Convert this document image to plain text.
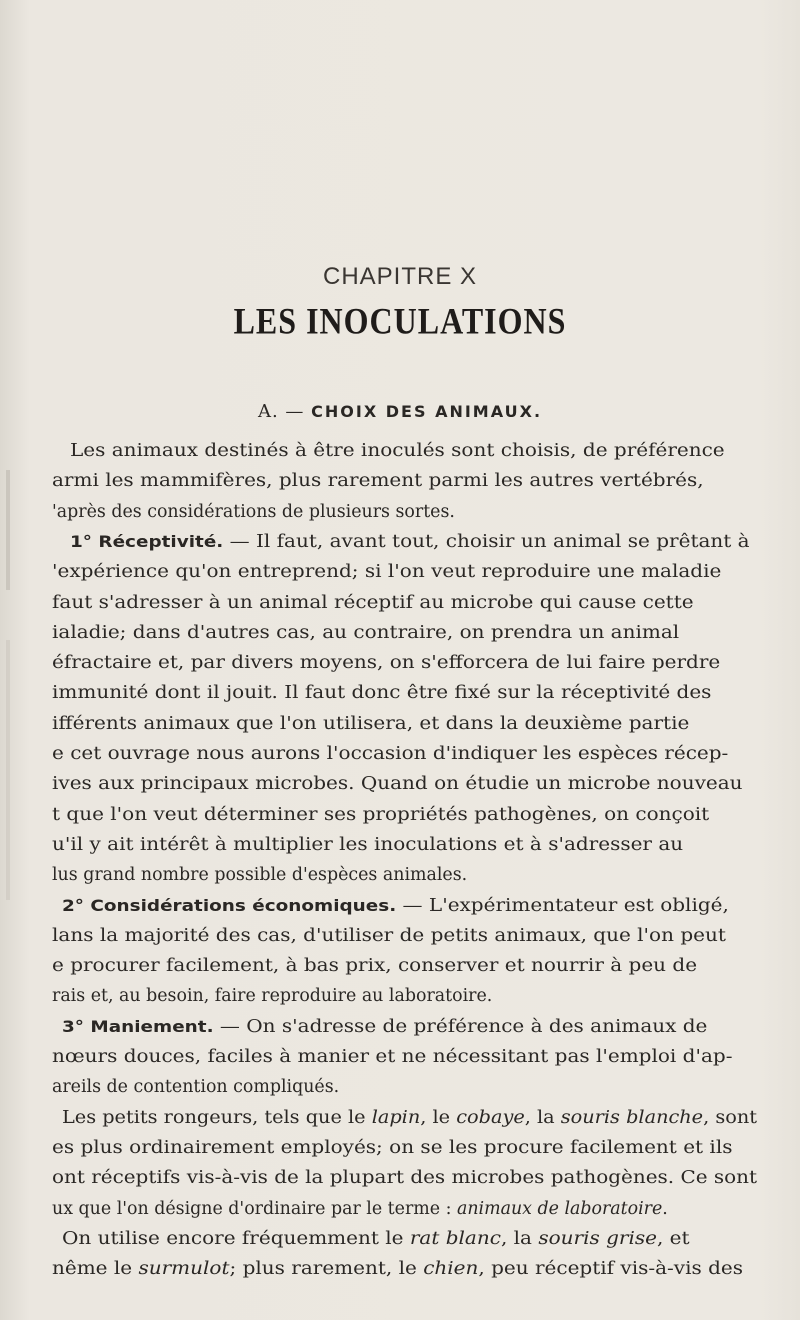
CHAPITRE X
LES INOCULATIONS
A. — CHOIX DES ANIMAUX.
Les animaux destinés à être inoculés sont choisis, de préférence
armi les mammifères, plus rarement parmi les autres vertébrés,
'après des considérations de plusieurs sortes.
1° Réceptivité. — Il faut, avant tout, choisir un animal se prêtant à
'expérience qu'on entreprend; si l'on veut reproduire une maladie
faut s'adresser à un animal réceptif au microbe qui cause cette
ialadie; dans d'autres cas, au contraire, on prendra un animal
éfractaire et, par divers moyens, on s'efforcera de lui faire perdre
immunité dont il jouit. Il faut donc être fixé sur la réceptivité des
ifférents animaux que l'on utilisera, et dans la deuxième partie
e cet ouvrage nous aurons l'occasion d'indiquer les espèces récep-
ives aux principaux microbes. Quand on étudie un microbe nouveau
t que l'on veut déterminer ses propriétés pathogènes, on conçoit
u'il y ait intérêt à multiplier les inoculations et à s'adresser au
lus grand nombre possible d'espèces animales.
2° Considérations économiques. — L'expérimentateur est obligé,
lans la majorité des cas, d'utiliser de petits animaux, que l'on peut
e procurer facilement, à bas prix, conserver et nourrir à peu de
rais et, au besoin, faire reproduire au laboratoire.
3° Maniement. — On s'adresse de préférence à des animaux de
nœurs douces, faciles à manier et ne nécessitant pas l'emploi d'ap-
areils de contention compliqués.
Les petits rongeurs, tels que le lapin, le cobaye, la souris blanche, sont
es plus ordinairement employés; on se les procure facilement et ils
ont réceptifs vis-à-vis de la plupart des microbes pathogènes. Ce sont
ux que l'on désigne d'ordinaire par le terme : animaux de laboratoire.
On utilise encore fréquemment le rat blanc, la souris grise, et
nême le surmulot; plus rarement, le chien, peu réceptif vis-à-vis des
